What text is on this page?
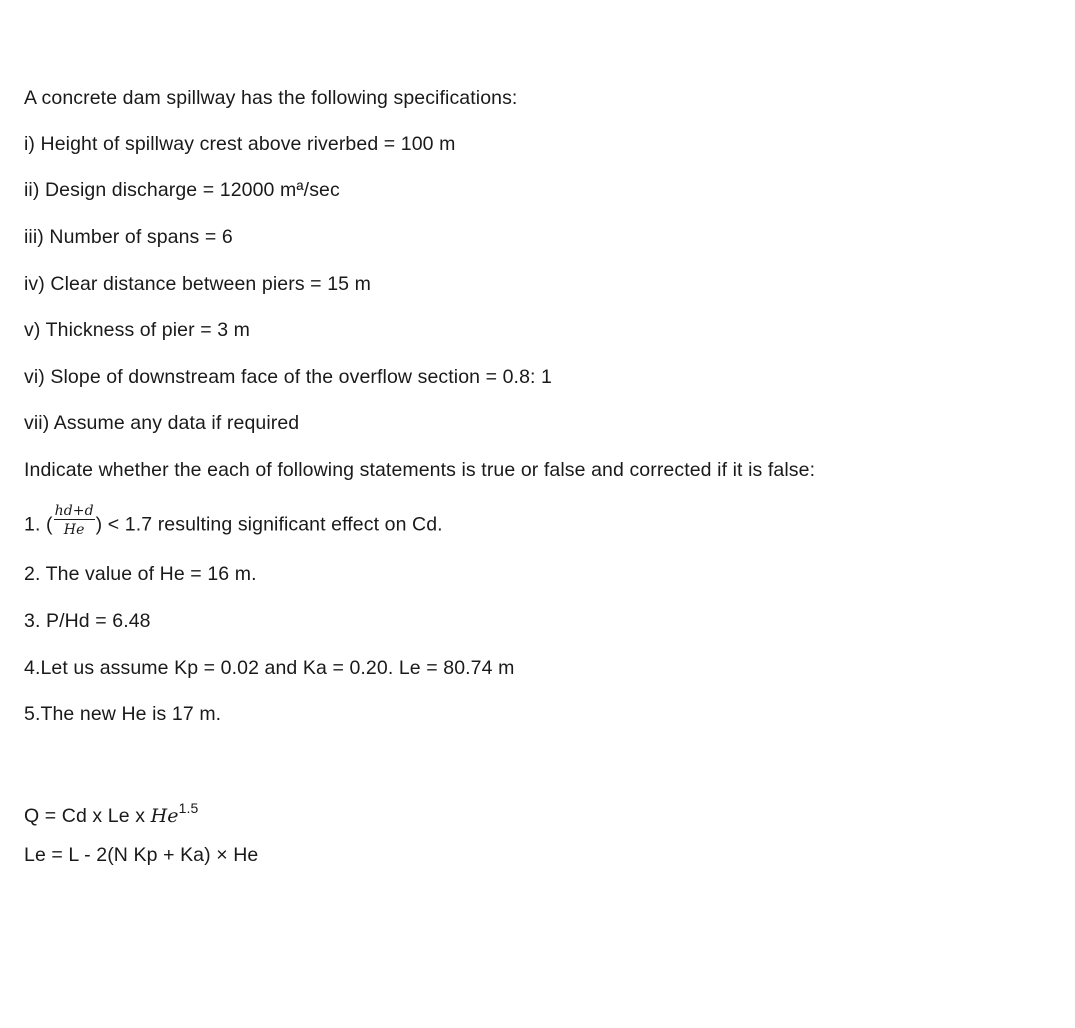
A concrete dam spillway has the following specifications:
i) Height of spillway crest above riverbed = 100 m
ii) Design discharge = 12000 mª/sec
iii) Number of spans = 6
iv) Clear distance between piers = 15 m
v) Thickness of pier = 3 m
vi) Slope of downstream face of the overflow section = 0.8: 1
vii) Assume any data if required
Indicate whether the each of following statements is true or false and corrected if it is false:
1. ( $\frac{hd+d}{He}$ ) < 1.7 resulting significant effect on Cd.
2. The value of He = 16 m.
3. P/Hd = 6.48
4.Let us assume Kp = 0.02 and Ka = 0.20. Le = 80.74 m
5.The new He is 17 m.
Q = Cd x Le x $He^{1.5}$
Le = L - 2(N Kp + Ka) × He
